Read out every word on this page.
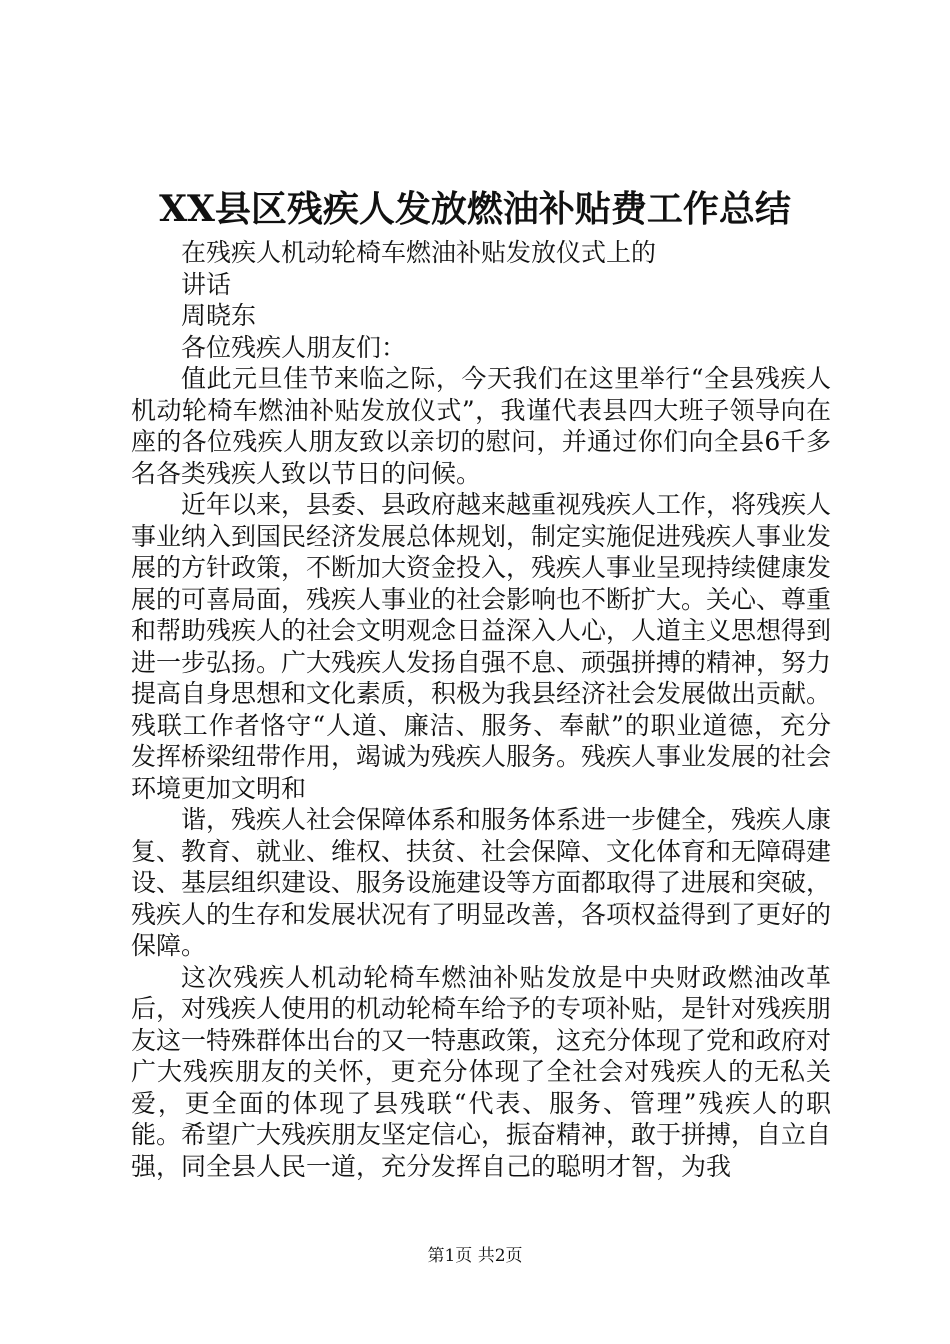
XX县区残疾人发放燃油补贴费工作总结

在残疾人机动轮椅车燃油补贴发放仪式上的

讲话

周晓东

各位残疾人朋友们：

值此元旦佳节来临之际，今天我们在这里举行“全县残疾人机动轮椅车燃油补贴发放仪式”，我谨代表县四大班子领导向在座的各位残疾人朋友致以亲切的慰问，并通过你们向全县6千多名各类残疾人致以节日的问候。

近年以来，县委、县政府越来越重视残疾人工作，将残疾人事业纳入到国民经济发展总体规划，制定实施促进残疾人事业发展的方针政策，不断加大资金投入，残疾人事业呈现持续健康发展的可喜局面，残疾人事业的社会影响也不断扩大。关心、尊重和帮助残疾人的社会文明观念日益深入人心，人道主义思想得到进一步弘扬。广大残疾人发扬自强不息、顽强拼搏的精神，努力提高自身思想和文化素质，积极为我县经济社会发展做出贡献。残联工作者恪守“人道、廉洁、服务、奉献”的职业道德，充分发挥桥梁纽带作用，竭诚为残疾人服务。残疾人事业发展的社会环境更加文明和

谐，残疾人社会保障体系和服务体系进一步健全，残疾人康复、教育、就业、维权、扶贫、社会保障、文化体育和无障碍建设、基层组织建设、服务设施建设等方面都取得了进展和突破，残疾人的生存和发展状况有了明显改善，各项权益得到了更好的保障。

这次残疾人机动轮椅车燃油补贴发放是中央财政燃油改革后，对残疾人使用的机动轮椅车给予的专项补贴，是针对残疾朋友这一特殊群体出台的又一特惠政策，这充分体现了党和政府对广大残疾朋友的关怀，更充分体现了全社会对残疾人的无私关爱，更全面的体现了县残联“代表、服务、管理”残疾人的职能。希望广大残疾朋友坚定信心，振奋精神，敢于拼搏，自立自强，同全县人民一道，充分发挥自己的聪明才智，为我

第1页 共2页
